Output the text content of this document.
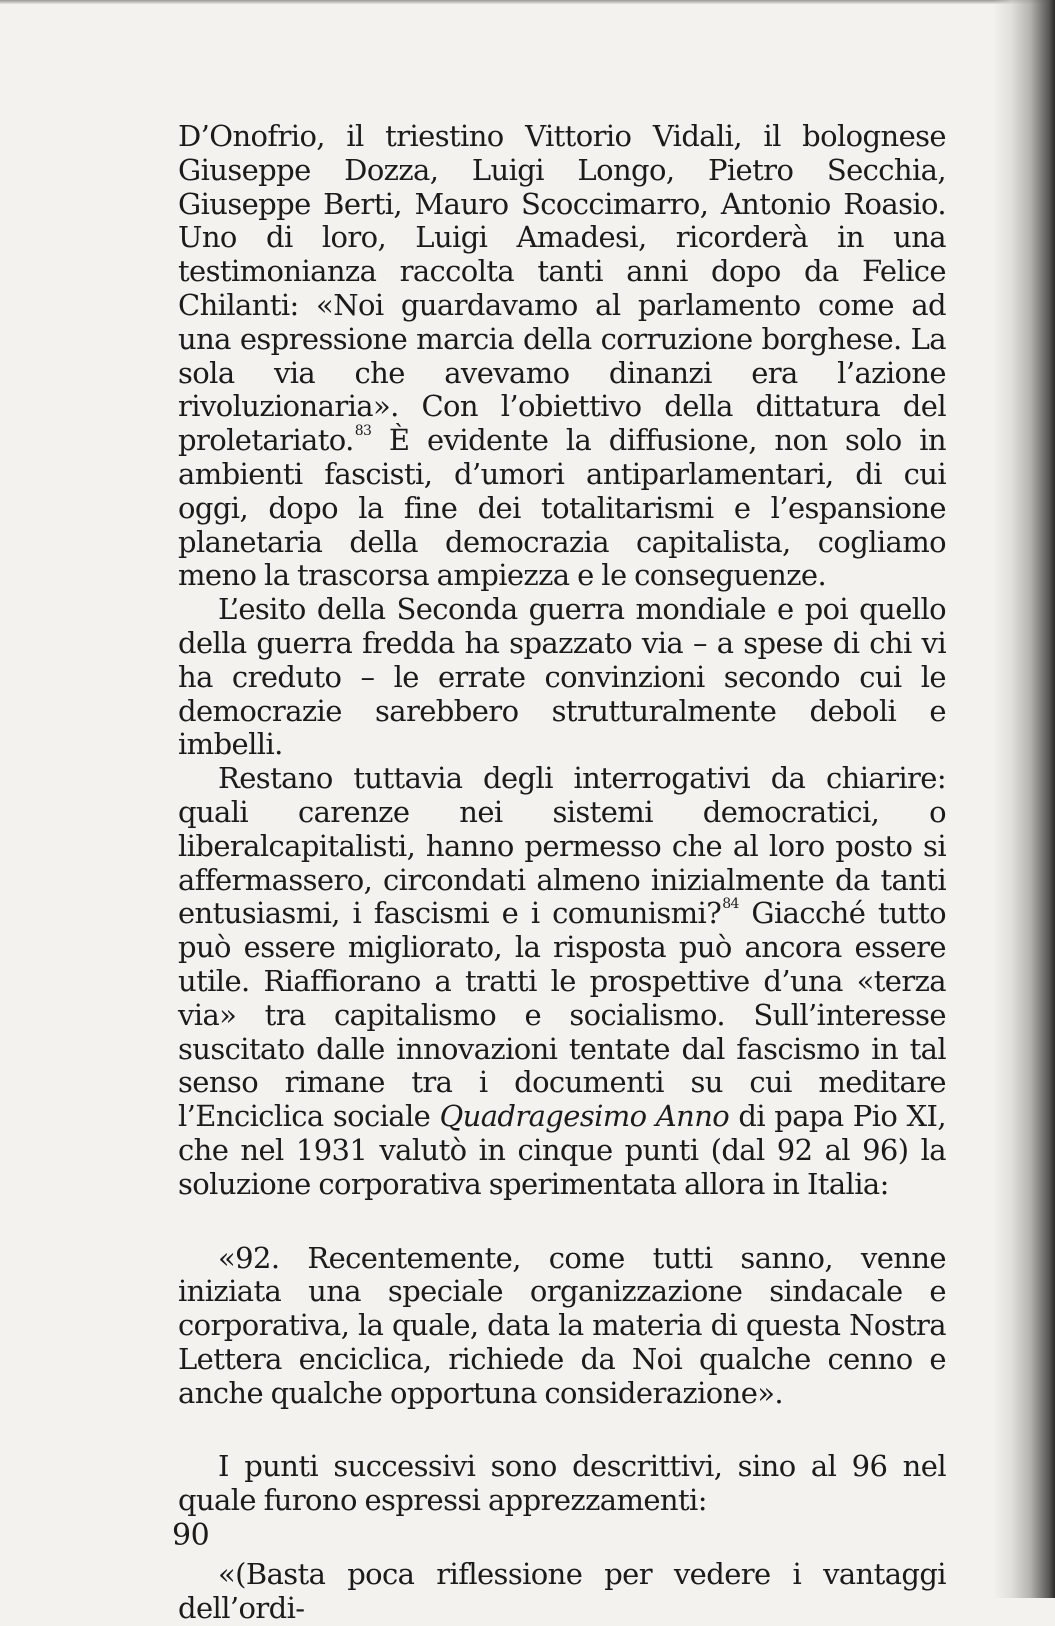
D’Onofrio, il triestino Vittorio Vidali, il bolognese Giuseppe Dozza, Luigi Longo, Pietro Secchia, Giuseppe Berti, Mauro Scoccimarro, Antonio Roasio. Uno di loro, Luigi Amadesi, ricorderà in una testimonianza raccolta tanti anni dopo da Felice Chilanti: «Noi guardavamo al parlamento come ad una espressione marcia della corruzione borghese. La sola via che avevamo dinanzi era l’azione rivoluzionaria». Con l’obiettivo della dittatura del proletariato.$^{83}$ È evidente la diffusione, non solo in ambienti fascisti, d’umori antiparlamentari, di cui oggi, dopo la fine dei totalitarismi e l’espansione planetaria della democrazia capitalista, cogliamo meno la trascorsa ampiezza e le conseguenze.

L’esito della Seconda guerra mondiale e poi quello della guerra fredda ha spazzato via – a spese di chi vi ha creduto – le errate convinzioni secondo cui le democrazie sarebbero strutturalmente deboli e imbelli.

Restano tuttavia degli interrogativi da chiarire: quali carenze nei sistemi democratici, o liberalcapitalisti, hanno permesso che al loro posto si affermassero, circondati almeno inizialmente da tanti entusiasmi, i fascismi e i comunismi?$^{84}$ Giacché tutto può essere migliorato, la risposta può ancora essere utile. Riaffiorano a tratti le prospettive d’una «terza via» tra capitalismo e socialismo. Sull’interesse suscitato dalle innovazioni tentate dal fascismo in tal senso rimane tra i documenti su cui meditare l’Enciclica sociale Quadragesimo Anno di papa Pio XI, che nel 1931 valutò in cinque punti (dal 92 al 96) la soluzione corporativa sperimentata allora in Italia:

«92. Recentemente, come tutti sanno, venne iniziata una speciale organizzazione sindacale e corporativa, la quale, data la materia di questa Nostra Lettera enciclica, richiede da Noi qualche cenno e anche qualche opportuna considerazione».

I punti successivi sono descrittivi, sino al 96 nel quale furono espressi apprezzamenti:

«(Basta poca riflessione per vedere i vantaggi dell’ordi-

90
